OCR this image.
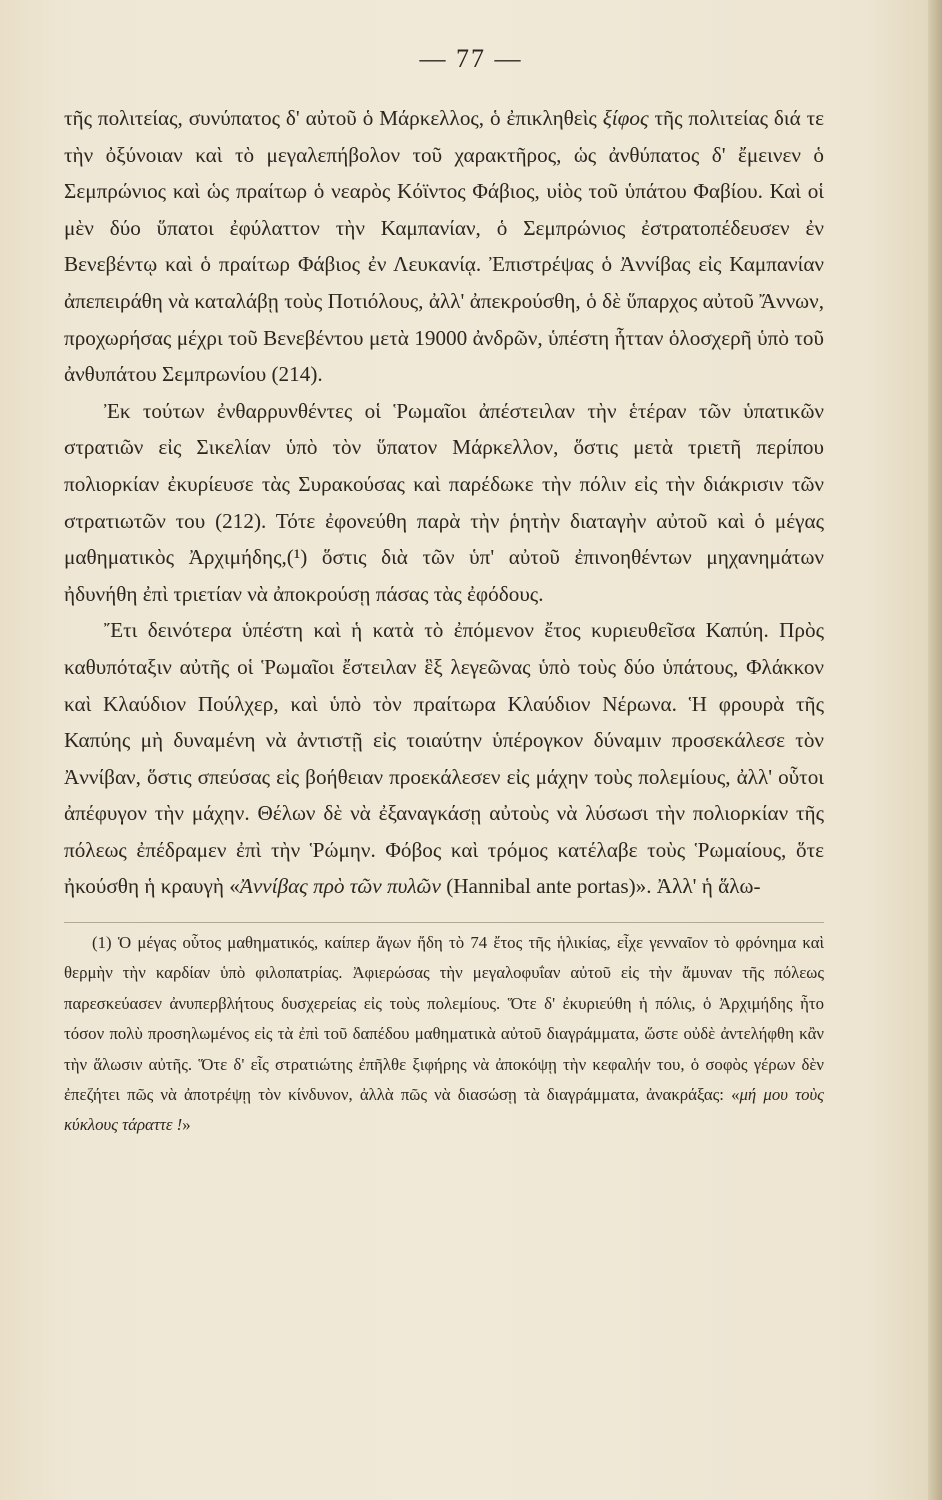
— 77 —

τῆς πολιτείας, συνύπατος δ' αὐτοῦ ὁ Μάρκελλος, ὁ ἐπικληθεὶς ξίφος τῆς πολιτείας διά τε τὴν ὀξύνοιαν καὶ τὸ μεγαλεπήβολον τοῦ χαρακτῆρος, ὡς ἀνθύπατος δ' ἔμεινεν ὁ Σεμπρώνιος καὶ ὡς πραίτωρ ὁ νεαρὸς Κόϊντος Φάβιος, υἱὸς τοῦ ὑπάτου Φαβίου. Καὶ οἱ μὲν δύο ὕπατοι ἐφύλαττον τὴν Καμπανίαν, ὁ Σεμπρώνιος ἐστρατοπέδευσεν ἐν Βενεβέντῳ καὶ ὁ πραίτωρ Φάβιος ἐν Λευκανίᾳ. Ἐπιστρέψας ὁ Ἀννίβας εἰς Καμπανίαν ἀπεπειράθη νὰ καταλάβῃ τοὺς Ποτιόλους, ἀλλ' ἀπεκρούσθη, ὁ δὲ ὕπαρχος αὐτοῦ Ἄννων, προχωρήσας μέχρι τοῦ Βενεβέντου μετὰ 19000 ἀνδρῶν, ὑπέστη ἧτταν ὁλοσχερῆ ὑπὸ τοῦ ἀνθυπάτου Σεμπρωνίου (214).

Ἐκ τούτων ἐνθαρρυνθέντες οἱ Ῥωμαῖοι ἀπέστειλαν τὴν ἑτέραν τῶν ὑπατικῶν στρατιῶν εἰς Σικελίαν ὑπὸ τὸν ὕπατον Μάρκελλον, ὅστις μετὰ τριετῆ περίπου πολιορκίαν ἐκυρίευσε τὰς Συρακούσας καὶ παρέδωκε τὴν πόλιν εἰς τὴν διάκρισιν τῶν στρατιωτῶν του (212). Τότε ἐφονεύθη παρὰ τὴν ῥητὴν διαταγὴν αὐτοῦ καὶ ὁ μέγας μαθηματικὸς Ἀρχιμήδης,(¹) ὅστις διὰ τῶν ὑπ' αὐτοῦ ἐπινοηθέντων μηχανημάτων ἠδυνήθη ἐπὶ τριετίαν νὰ ἀποκρούσῃ πάσας τὰς ἐφόδους.

Ἔτι δεινότερα ὑπέστη καὶ ἡ κατὰ τὸ ἐπόμενον ἔτος κυριευθεῖσα Καπύη. Πρὸς καθυπόταξιν αὐτῆς οἱ Ῥωμαῖοι ἔστειλαν ἓξ λεγεῶνας ὑπὸ τοὺς δύο ὑπάτους, Φλάκκον καὶ Κλαύδιον Πούλχερ, καὶ ὑπὸ τὸν πραίτωρα Κλαύδιον Νέρωνα. Ἡ φρουρὰ τῆς Καπύης μὴ δυναμένη νὰ ἀντιστῇ εἰς τοιαύτην ὑπέρογκον δύναμιν προσεκάλεσε τὸν Ἀννίβαν, ὅστις σπεύσας εἰς βοήθειαν προεκάλεσεν εἰς μάχην τοὺς πολεμίους, ἀλλ' οὗτοι ἀπέφυγον τὴν μάχην. Θέλων δὲ νὰ ἐξαναγκάσῃ αὐτοὺς νὰ λύσωσι τὴν πολιορκίαν τῆς πόλεως ἐπέδραμεν ἐπὶ τὴν Ῥώμην. Φόβος καὶ τρόμος κατέλαβε τοὺς Ῥωμαίους, ὅτε ἠκούσθη ἡ κραυγὴ «Ἀννίβας πρὸ τῶν πυλῶν (Hannibal ante portas)». Ἀλλ' ἡ ἅλω-

(1) Ὁ μέγας οὗτος μαθηματικός, καίπερ ἄγων ἤδη τὸ 74 ἔτος τῆς ἡλικίας, εἶχε γενναῖον τὸ φρόνημα καὶ θερμὴν τὴν καρδίαν ὑπὸ φιλοπατρίας. Ἀφιερώσας τὴν μεγαλοφυΐαν αὐτοῦ εἰς τὴν ἄμυναν τῆς πόλεως παρεσκεύασεν ἀνυπερβλήτους δυσχερείας εἰς τοὺς πολεμίους. Ὅτε δ' ἐκυριεύθη ἡ πόλις, ὁ Ἀρχιμήδης ἦτο τόσον πολὺ προσηλωμένος εἰς τὰ ἐπὶ τοῦ δαπέδου μαθηματικὰ αὐτοῦ διαγράμματα, ὥστε οὐδὲ ἀντελήφθη κἂν τὴν ἅλωσιν αὐτῆς. Ὅτε δ' εἷς στρατιώτης ἐπῆλθε ξιφήρης νὰ ἀποκόψῃ τὴν κεφαλήν του, ὁ σοφὸς γέρων δὲν ἐπεζήτει πῶς νὰ ἀποτρέψῃ τὸν κίνδυνον, ἀλλὰ πῶς νὰ διασώσῃ τὰ διαγράμματα, ἀνακράξας: «μή μου τοὺς κύκλους τάραττε !»
